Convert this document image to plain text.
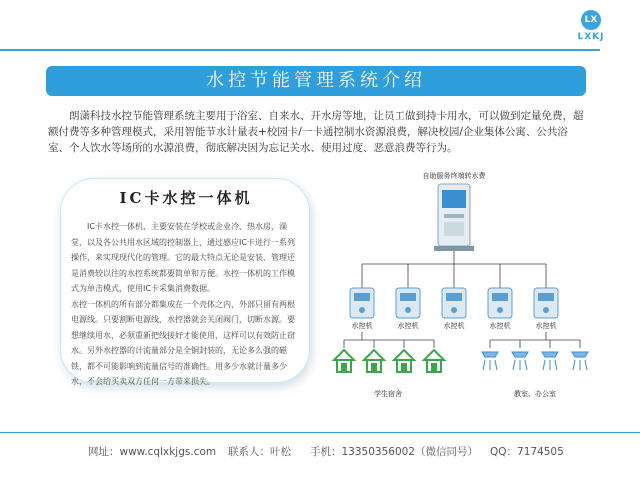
LX
LXKJ
水控节能管理系统介绍
朗潇科技水控节能管理系统主要用于浴室、自来水、开水房等地，让员工做到持卡用水，可以做到定量免费，超额付费等多种管理模式，采用智能节水计量表+校园卡/一卡通控制水资源浪费，解决校园/企业集体公寓、公共浴室、个人饮水等场所的水源浪费，彻底解决因为忘记关水、使用过度、恶意浪费等行为。
IC卡水控一体机

IC卡水控一体机，主要安装在学校或企业冷、热水房，澡堂，以及各公共用水区域的控制器上，通过感应IC卡进行一系列操作，来实现现代化的管理。它的最大特点无论是安装、管理还是消费较以往的水控系统都要简单和方便。水控一体机的工作模式为单击模式，使用IC卡采集消费数据。

水控一体机的所有部分都集成在一个壳体之内，外部只留有两根电源线。只要割断电源线，水控器就会关闭阀门，切断水源。要想继续用水，必须重新把线接好才能使用，这样可以有效防止窃水。另外水控器的计流量部分是全铜封装的，无论多么强的磁铁，都不可能影响到流量信号的准确性。用多少水就计量多少水，不会给买卖双方任何一方带来损失。

自助服务终端转水费
水控机	水控机	水控机	水控机	水控机
学生宿舍	教室、办公室
网址：www.cqlxkjgs.com 联系人：叶松 手机：13350356002（微信同号） QQ：7174505
